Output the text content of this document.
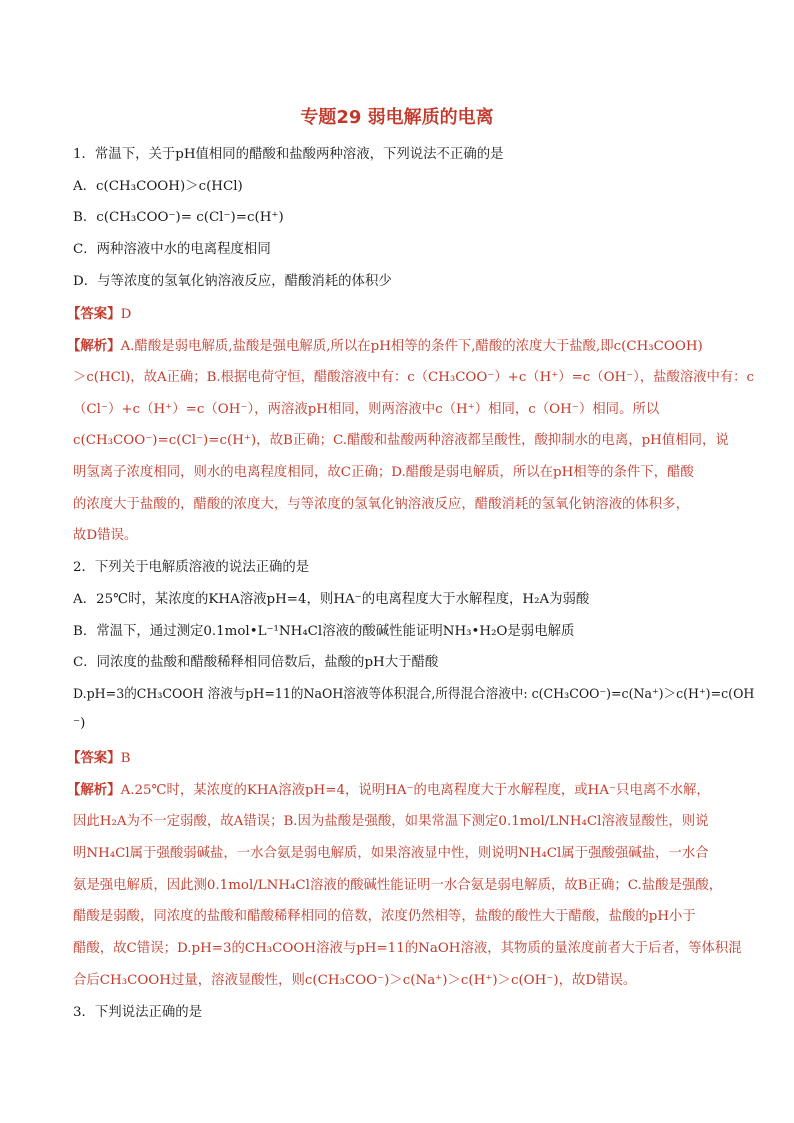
专题29 弱电解质的电离
1．常温下，关于pH值相同的醋酸和盐酸两种溶液，下列说法不正确的是
A．c(CH₃COOH)＞c(HCl)
B．c(CH₃COO⁻)= c(Cl⁻)=c(H⁺)
C．两种溶液中水的电离程度相同
D．与等浓度的氢氧化钠溶液反应，醋酸消耗的体积少
【答案】D
【解析】A.醋酸是弱电解质,盐酸是强电解质,所以在pH相等的条件下,醋酸的浓度大于盐酸,即c(CH₃COOH)
＞c(HCl)，故A正确；B.根据电荷守恒，醋酸溶液中有：c（CH₃COO⁻）+c（H⁺）=c（OH⁻），盐酸溶液中有：c
（Cl⁻）+c（H⁺）=c（OH⁻），两溶液pH相同，则两溶液中c（H⁺）相同，c（OH⁻）相同。所以
c(CH₃COO⁻)=c(Cl⁻)=c(H⁺)，故B正确；C.醋酸和盐酸两种溶液都呈酸性，酸抑制水的电离，pH值相同，说
明氢离子浓度相同，则水的电离程度相同，故C正确；D.醋酸是弱电解质，所以在pH相等的条件下，醋酸
的浓度大于盐酸的，醋酸的浓度大，与等浓度的氢氧化钠溶液反应，醋酸消耗的氢氧化钠溶液的体积多，
故D错误。
2．下列关于电解质溶液的说法正确的是
A．25℃时，某浓度的KHA溶液pH=4，则HA⁻的电离程度大于水解程度，H₂A为弱酸
B．常温下，通过测定0.1mol•L⁻¹NH₄Cl溶液的酸碱性能证明NH₃•H₂O是弱电解质
C．同浓度的盐酸和醋酸稀释相同倍数后，盐酸的pH大于醋酸
D.pH=3的CH₃COOH 溶液与pH=11的NaOH溶液等体积混合,所得混合溶液中: c(CH₃COO⁻)=c(Na⁺)＞c(H⁺)=c(OH
⁻)
【答案】B
【解析】A.25℃时，某浓度的KHA溶液pH=4，说明HA⁻的电离程度大于水解程度，或HA⁻只电离不水解，
因此H₂A为不一定弱酸，故A错误；B.因为盐酸是强酸，如果常温下测定0.1mol/LNH₄Cl溶液显酸性，则说
明NH₄Cl属于强酸弱碱盐，一水合氨是弱电解质，如果溶液显中性，则说明NH₄Cl属于强酸强碱盐，一水合
氨是强电解质，因此测0.1mol/LNH₄Cl溶液的酸碱性能证明一水合氨是弱电解质，故B正确；C.盐酸是强酸，
醋酸是弱酸，同浓度的盐酸和醋酸稀释相同的倍数，浓度仍然相等，盐酸的酸性大于醋酸，盐酸的pH小于
醋酸，故C错误；D.pH=3的CH₃COOH溶液与pH=11的NaOH溶液，其物质的量浓度前者大于后者，等体积混
合后CH₃COOH过量，溶液显酸性，则c(CH₃COO⁻)＞c(Na⁺)＞c(H⁺)＞c(OH⁻)，故D错误。
3．下判说法正确的是
